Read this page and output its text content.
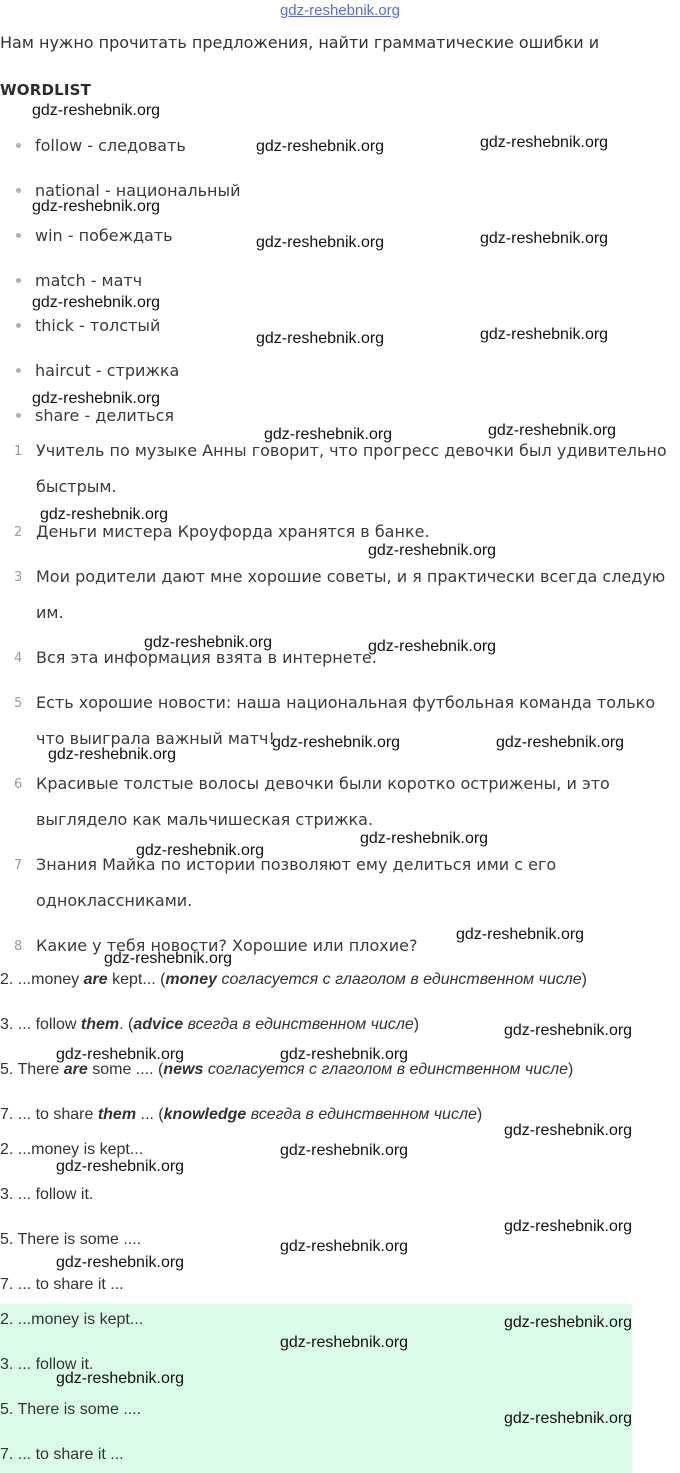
gdz-reshebnik.org
Нам нужно прочитать предложения, найти грамматические ошибки и
WORDLIST
follow - следовать
national - национальный
win - побеждать
match - матч
thick - толстый
haircut - стрижка
share - делиться
1 Учитель по музыке Анны говорит, что прогресс девочки был удивительно
быстрым.
2 Деньги мистера Кроуфорда хранятся в банке.
3 Мои родители дают мне хорошие советы, и я практически всегда следую
им.
4 Вся эта информация взята в интернете.
5 Есть хорошие новости: наша национальная футбольная команда только
что выиграла важный матч!
6 Красивые толстые волосы девочки были коротко острижены, и это
выглядело как мальчишеская стрижка.
7 Знания Майка по истории позволяют ему делиться ими с его
одноклассниками.
8 Какие у тебя новости? Хорошие или плохие?
2. ...money are kept... (money согласуется с глаголом в единственном числе)
3. ... follow them. (advice всегда в единственном числе)
5. There are some .... (news согласуется с глаголом в единственном числе)
7. ... to share them ... (knowledge всегда в единственном числе)
2. ...money is kept...
3. ... follow it.
5. There is some ....
7. ... to share it ...
2. ...money is kept...
3. ... follow it.
5. There is some ....
7. ... to share it ...
gdz-reshebnik.org
gdz-reshebnik.org	gdz-reshebnik.org
gdz-reshebnik.org
gdz-reshebnik.org	gdz-reshebnik.org
gdz-reshebnik.org
gdz-reshebnik.org	gdz-reshebnik.org
gdz-reshebnik.org
gdz-reshebnik.org	gdz-reshebnik.org
gdz-reshebnik.org
gdz-reshebnik.org
gdz-reshebnik.org	gdz-reshebnik.org
gdz-reshebnik.org
gdz-reshebnik.org	gdz-reshebnik.org
gdz-reshebnik.org
gdz-reshebnik.org
gdz-reshebnik.org
gdz-reshebnik.org
gdz-reshebnik.org
gdz-reshebnik.org	gdz-reshebnik.org
gdz-reshebnik.org
gdz-reshebnik.org
gdz-reshebnik.org
gdz-reshebnik.org
gdz-reshebnik.org
gdz-reshebnik.org
gdz-reshebnik.org
gdz-reshebnik.org
gdz-reshebnik.org
gdz-reshebnik.org
